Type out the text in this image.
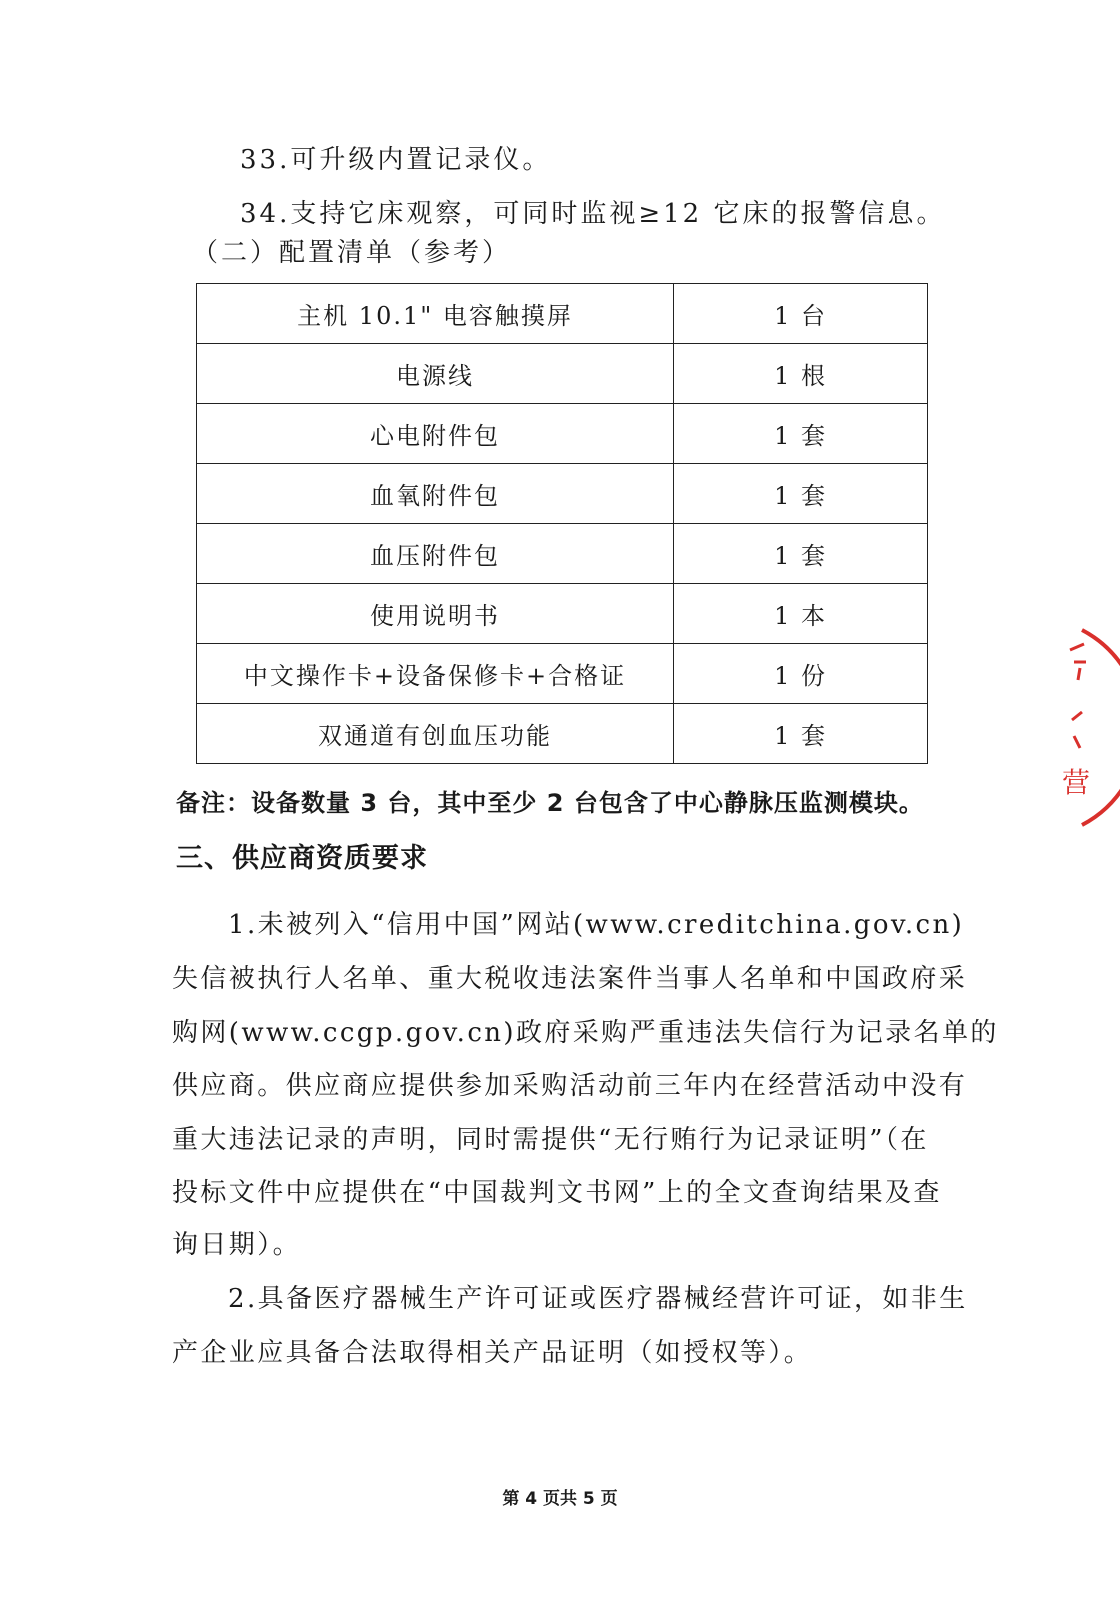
33.可升级内置记录仪。
34.支持它床观察，可同时监视≥12 它床的报警信息。
（二）配置清单（参考）
主机 10.1" 电容触摸屏	1 台
电源线	1 根
心电附件包	1 套
血氧附件包	1 套
血压附件包	1 套
使用说明书	1 本
中文操作卡+设备保修卡+合格证	1 份
双通道有创血压功能	1 套
备注：设备数量 3 台，其中至少 2 台包含了中心静脉压监测模块。
三、供应商资质要求
1.未被列入“信用中国”网站(www.creditchina.gov.cn)
失信被执行人名单、重大税收违法案件当事人名单和中国政府采
购网(www.ccgp.gov.cn)政府采购严重违法失信行为记录名单的
供应商。供应商应提供参加采购活动前三年内在经营活动中没有
重大违法记录的声明，同时需提供“无行贿行为记录证明”（在
投标文件中应提供在“中国裁判文书网”上的全文查询结果及查
询日期）。
2.具备医疗器械生产许可证或医疗器械经营许可证，如非生
产企业应具备合法取得相关产品证明（如授权等）。
第 4 页共 5 页
营
